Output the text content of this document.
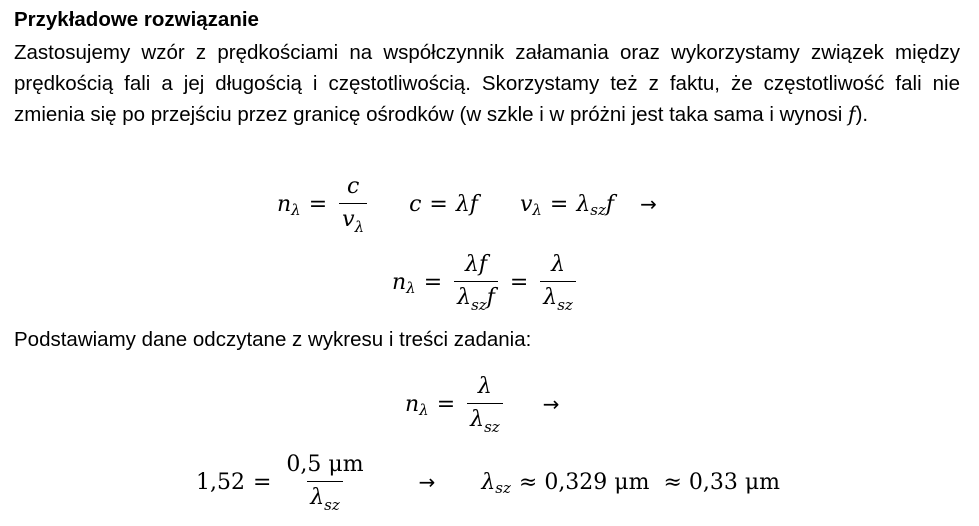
Przykładowe rozwiązanie
Zastosujemy wzór z prędkościami na współczynnik załamania oraz wykorzystamy związek między prędkością fali a jej długością i częstotliwością. Skorzystamy też z faktu, że częstotliwość fali nie zmienia się po przejściu przez granicę ośrodków (w szkle i w próżni jest taka sama i wynosi f).
n $\lambda = \frac{c}{v_\lambda}$ c = λ f v λ = λ sz f →
n $\lambda = \frac{\lambda f}{\lambda_{sz}f} = \frac{\lambda}{\lambda_{sz}}$
Podstawiamy dane odczytane z wykresu i treści zadania:
n $\lambda = \frac{\lambda}{\lambda_{sz}}$ →
$1,52 = \frac{0,5 \mu m}{\lambda_{sz}}$	→ λ sz ≈ 0,329 μm ≈ 0,33 μm
